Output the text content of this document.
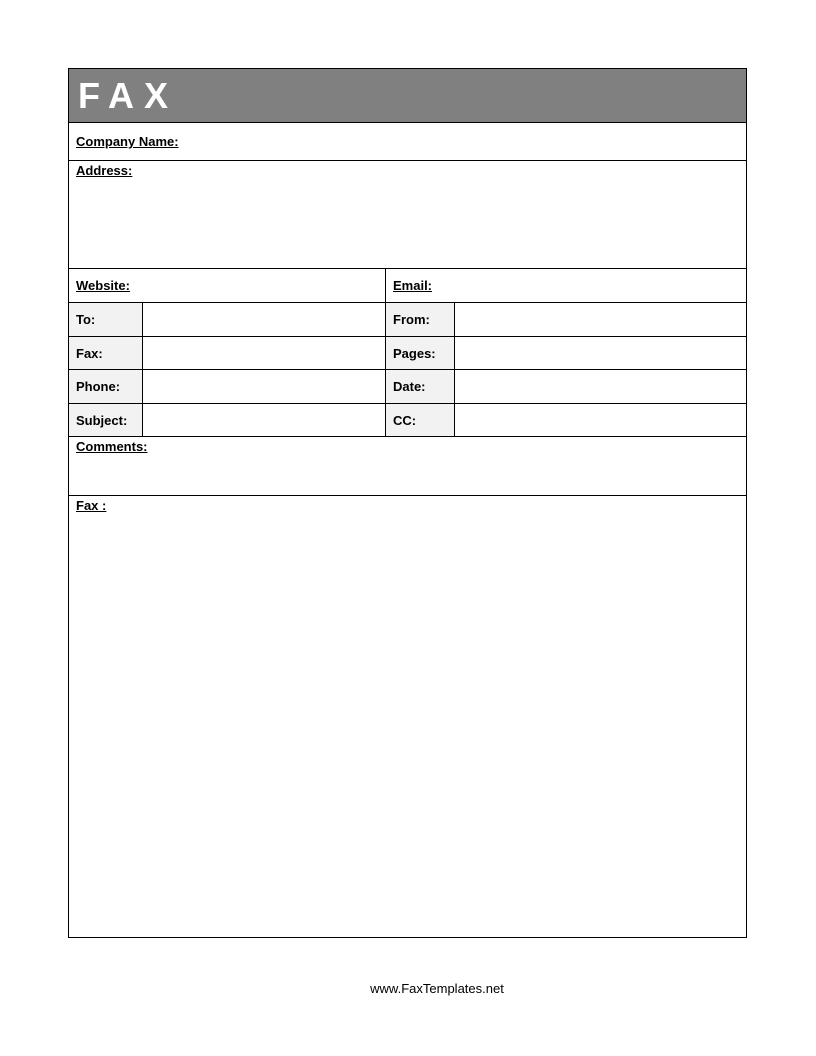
FAX
Company Name:
Address:
Website:	Email:
To:	From:
Fax:	Pages:
Phone:	Date:
Subject:	CC:
Comments:
Fax :
www.FaxTemplates.net
